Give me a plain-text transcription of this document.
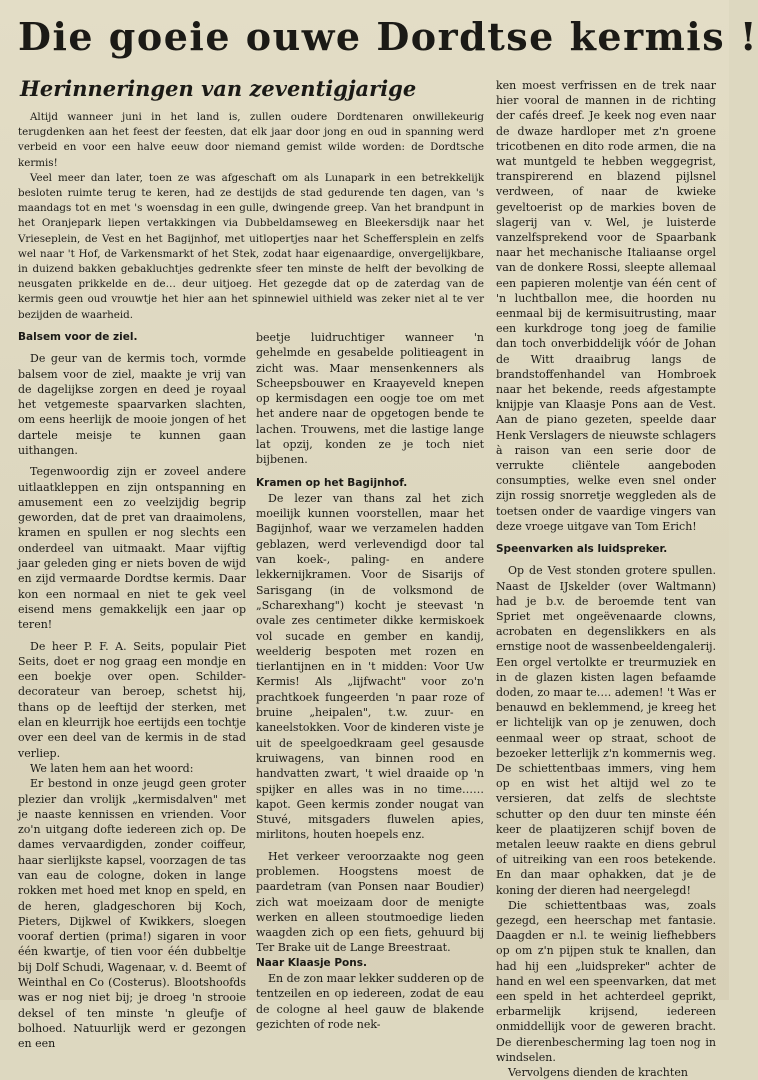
Die goeie ouwe Dordtse kermis !
Herinneringen van zeventigjarige

Altijd wanneer juni in het land is, zullen oudere Dordtenaren onwillekeurig terugdenken aan het feest der feesten, dat elk jaar door jong en oud in spanning werd verbeid en voor een halve eeuw door niemand gemist wilde worden: de Dordtsche kermis!

Veel meer dan later, toen ze was afgeschaft om als Lunapark in een betrekkelijk besloten ruimte terug te keren, had ze destijds de stad gedurende ten dagen, van 's maandags tot en met 's woensdag in een gulle, dwingende greep. Van het brandpunt in het Oranjepark liepen vertakkingen via Dubbeldamseweg en Bleekersdijk naar het Vrieseplein, de Vest en het Bagijnhof, met uitlopertjes naar het Scheffersplein en zelfs wel naar 't Hof, de Varkensmarkt of het Stek, zodat haar eigenaardige, onvergelijkbare, in duizend bakken gebakluchtjes gedrenkte sfeer ten minste de helft der bevolking de neusgaten prikkelde en de… deur uitjoeg. Het gezegde dat op de zaterdag van de kermis geen oud vrouwtje het hier aan het spinnewiel uithield was zeker niet al te ver bezijden de waarheid.

Balsem voor de ziel.

De geur van de kermis toch, vormde balsem voor de ziel, maakte je vrij van de dagelijkse zorgen en deed je royaal het vetgemeste spaarvarken slachten, om eens heerlijk de mooie jongen of het dartele meisje te kunnen gaan uithangen.

Tegenwoordig zijn er zoveel andere uitlaatkleppen en zijn ontspanning en amusement een zo veelzijdig begrip geworden, dat de pret van draaimolens, kramen en spullen er nog slechts een onderdeel van uitmaakt. Maar vijftig jaar geleden ging er niets boven de wijd en zijd vermaarde Dordtse kermis. Daar kon een normaal en niet te gek veel eisend mens gemakkelijk een jaar op teren!

De heer P. F. A. Seits, populair Piet Seits, doet er nog graag een mondje en een boekje over open. Schilder-decorateur van beroep, schetst hij, thans op de leeftijd der sterken, met elan en kleurrijk hoe eertijds een tochtje over een deel van de kermis in de stad verliep.

We laten hem aan het woord:

Er bestond in onze jeugd geen groter plezier dan vrolijk „kermisdalven" met je naaste kennissen en vrienden. Voor zo'n uitgang dofte iedereen zich op. De dames vervaardigden, zonder coiffeur, haar sierlijkste kapsel, voorzagen de tas van eau de cologne, doken in lange rokken met hoed met knop en speld, en de heren, gladgeschoren bij Koch, Pieters, Dijkwel of Kwikkers, sloegen vooraf dertien (prima!) sigaren in voor één kwartje, of tien voor één dubbeltje bij Dolf Schudi, Wagenaar, v. d. Beemt of Weinthal en Co (Costerus). Blootshoofds was er nog niet bij; je droeg 'n strooie deksel of ten minste 'n gleufje of bolhoed. Natuurlijk werd er gezongen en een

beetje luidruchtiger wanneer 'n gehelmde en gesabelde politieagent in zicht was. Maar mensenkenners als Scheepsbouwer en Kraayeveld knepen op kermisdagen een oogje toe om met het andere naar de opgetogen bende te lachen. Trouwens, met die lastige lange lat opzij, konden ze je toch niet bijbenen.

Kramen op het Bagijnhof.

De lezer van thans zal het zich moeilijk kunnen voorstellen, maar het Bagijnhof, waar we verzamelen hadden geblazen, werd verlevendigd door tal van koek-, paling- en andere lekkernijkramen. Voor de Sisarijs of Sarisgang (in de volksmond de „Scharexhang") kocht je steevast 'n ovale zes centimeter dikke kermiskoek vol sucade en gember en kandij, weelderig bespoten met rozen en tierlantijnen en in 't midden: Voor Uw Kermis! Als „lijfwacht" voor zo'n prachtkoek fungeerden 'n paar roze of bruine „heipalen", t.w. zuur- en kaneelstokken. Voor de kinderen viste je uit de speelgoedkraam geel gesausde kruiwagens, van binnen rood en handvatten zwart, 't wiel draaide op 'n spijker en alles was in no time…… kapot. Geen kermis zonder nougat van Stuvé, mitsgaders fluwelen apies, mirlitons, houten hoepels enz.

Het verkeer veroorzaakte nog geen problemen. Hoogstens moest de paardetram (van Ponsen naar Boudier) zich wat moeizaam door de menigte werken en alleen stoutmoedige lieden waagden zich op een fiets, gehuurd bij Ter Brake uit de Lange Breestraat.

Naar Klaasje Pons.

En de zon maar lekker sudderen op de tentzeilen en op iedereen, zodat de eau de cologne al heel gauw de blakende gezichten of rode nek-

ken moest verfrissen en de trek naar hier vooral de mannen in de richting der cafés dreef. Je keek nog even naar de dwaze hardloper met z'n groene tricotbenen en dito rode armen, die na wat muntgeld te hebben weggegrist, transpirerend en blazend pijlsnel verdween, of naar de kwieke geveltoerist op de markies boven de slagerij van v. Wel, je luisterde vanzelfsprekend voor de Spaarbank naar het mechanische Italiaanse orgel van de donkere Rossi, sleepte allemaal een papieren molentje van één cent of 'n luchtballon mee, die hoorden nu eenmaal bij de kermisuitrusting, maar een kurkdroge tong joeg de familie dan toch onverbiddelijk vóór de Johan de Witt draaibrug langs de brandstoffenhandel van Hombroek naar het bekende, reeds afgestampte knijpje van Klaasje Pons aan de Vest. Aan de piano gezeten, speelde daar Henk Verslagers de nieuwste schlagers à raison van een serie door de verrukte cliëntele aangeboden consumpties, welke even snel onder zijn rossig snorretje weggleden als de toetsen onder de vaardige vingers van deze vroege uitgave van Tom Erich!

Speenvarken als luidspreker.

Op de Vest stonden grotere spullen. Naast de IJskelder (over Waltmann) had je b.v. de beroemde tent van Spriet met ongeëvenaarde clowns, acrobaten en degenslikkers en als ernstige noot de wassenbeeldengalerij. Een orgel vertolkte er treurmuziek en in de glazen kisten lagen befaamde doden, zo maar te…. ademen! 't Was er benauwd en beklemmend, je kreeg het er lichtelijk van op je zenuwen, doch eenmaal weer op straat, schoot de bezoeker letterlijk z'n kommernis weg. De schiettentbaas immers, ving hem op en wist het altijd wel zo te versieren, dat zelfs de slechtste schutter op den duur ten minste één keer de plaatijzeren schijf boven de metalen leeuw raakte en diens gebrul of uitreiking van een roos betekende. En dan maar ophakken, dat je de koning der dieren had neergelegd!

Die schiettentbaas was, zoals gezegd, een heerschap met fantasie. Daagden er n.l. te weinig liefhebbers op om z'n pijpen stuk te knallen, dan had hij een „luidspreker" achter de hand en wel een speenvarken, dat met een speld in het achterdeel geprikt, erbarmelijk krijsend, iedereen onmiddellijk voor de geweren bracht. De dierenbescherming lag toen nog in windselen.

Vervolgens dienden de krachten
